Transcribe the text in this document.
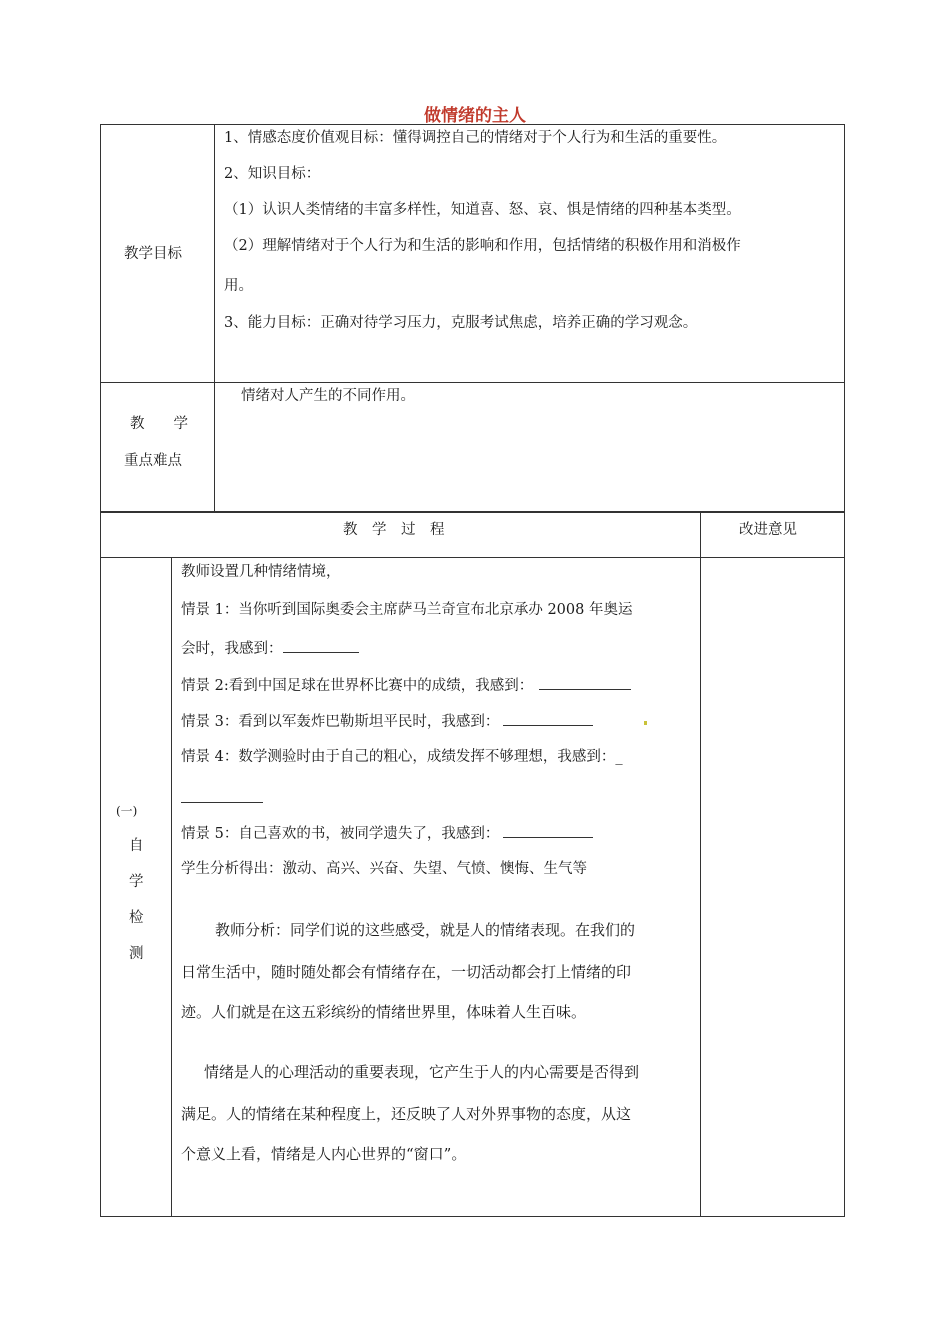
做情绪的主人
教学目标
1、情感态度价值观目标：懂得调控自己的情绪对于个人行为和生活的重要性。
2、知识目标：
（1）认识人类情绪的丰富多样性，知道喜、怒、哀、惧是情绪的四种基本类型。
（2）理解情绪对于个人行为和生活的影响和作用，包括情绪的积极作用和消极作
用。
3、能力目标：正确对待学习压力，克服考试焦虑，培养正确的学习观念。
教　　学
重点难点
情绪对人产生的不同作用。
教　学　过　程	改进意见
(一)
自
学
检
测
教师设置几种情绪情境，
情景 1：当你听到国际奥委会主席萨马兰奇宣布北京承办 2008 年奥运
会时，我感到：
情景 2:看到中国足球在世界杯比赛中的成绩，我感到：
情景 3：看到以军轰炸巴勒斯坦平民时，我感到：
情景 4：数学测验时由于自己的粗心，成绩发挥不够理想，我感到：_
情景 5：自己喜欢的书，被同学遗失了，我感到：
学生分析得出：激动、高兴、兴奋、失望、气愤、懊悔、生气等
教师分析：同学们说的这些感受，就是人的情绪表现。在我们的
日常生活中，随时随处都会有情绪存在，一切活动都会打上情绪的印
迹。人们就是在这五彩缤纷的情绪世界里，体味着人生百味。
情绪是人的心理活动的重要表现，它产生于人的内心需要是否得到
满足。人的情绪在某种程度上，还反映了人对外界事物的态度，从这
个意义上看，情绪是人内心世界的“窗口”。
